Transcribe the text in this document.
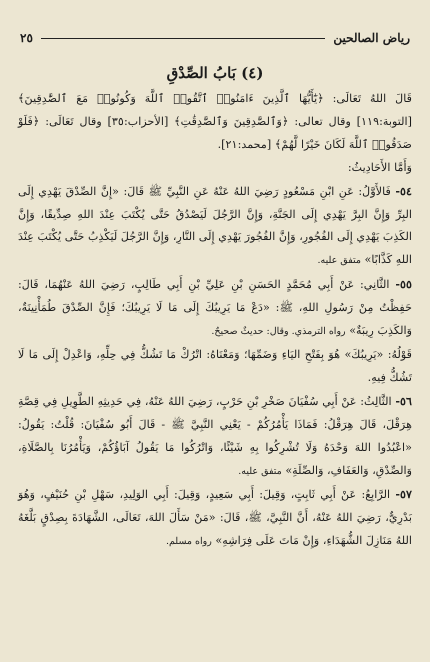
رياض الصالحين
٢٥
(٤) بَابُ الصِّدْقِ

قَالَ اللهُ تَعَالَى: ﴿يَٰٓأَيُّهَا ٱلَّذِينَ ءَامَنُوا۟ ٱتَّقُوا۟ ٱللَّهَ وَكُونُوا۟ مَعَ ٱلصَّٰدِقِينَ﴾ [التوبة:١١٩] وقال تعالى: ﴿وَٱلصَّٰدِقِينَ وَٱلصَّٰدِقَٰتِ﴾ [الأحزاب:٣٥] وقال تَعَالَى: ﴿فَلَوْ صَدَقُوا۟ ٱللَّهَ لَكَانَ خَيْرًا لَّهُمْ﴾ [محمد:٢١].

وَأَمَّا الأَحَادِيثُ:

٥٤- فَالأَوَّلُ: عَنِ ابْنِ مَسْعُودٍ رَضِيَ اللهُ عَنْهُ عَنِ النَّبِيِّ ﷺ قَالَ: «إِنَّ الصِّدْقَ يَهْدِي إِلَى البِرِّ وَإِنَّ البِرَّ يَهْدِي إِلَى الجَنَّةِ، وَإِنَّ الرَّجُلَ لَيَصْدُقُ حَتَّى يُكْتَبَ عِنْدَ اللهِ صِدِّيقًا، وَإِنَّ الكَذِبَ يَهْدِي إِلَى الفُجُورِ، وَإِنَّ الفُجُورَ يَهْدِي إِلَى النَّارِ، وَإِنَّ الرَّجُلَ لَيَكْذِبُ حَتَّى يُكْتَبَ عِنْدَ اللهِ كَذَّابًا» متفق عليه.

٥٥- الثَّانِي: عَنْ أَبِي مُحَمَّدٍ الحَسَنِ بْنِ عَلِيِّ بْنِ أَبِي طَالِبٍ، رَضِيَ اللهُ عَنْهُمَا، قَالَ: حَفِظْتُ مِنْ رَسُولِ اللهِ، ﷺ: «دَعْ مَا يَرِيبُكَ إِلَى مَا لَا يَرِيبُكَ؛ فَإِنَّ الصِّدْقَ طُمَأْنِينَةٌ، وَالكَذِبَ رِيبَةٌ» رواه الترمذي. وقال: حديثٌ صحيحٌ.

قَوْلُهُ: «يَرِيبُكَ» هُوَ بِفَتْحِ اليَاءِ وَضَمِّهَا؛ وَمَعْنَاهُ: اتْرُكْ مَا تَشُكُّ فِي حِلِّهِ، وَاعْدِلْ إِلَى مَا لَا تَشُكُّ فِيهِ.

٥٦- الثَّالِثُ: عَنْ أَبِي سُفْيَانَ صَخْرِ بْنِ حَرْبٍ، رَضِيَ اللهُ عَنْهُ، فِي حَدِيثِهِ الطَّوِيلِ فِي قِصَّةِ هِرَقْلَ، قَالَ هِرَقْلُ: فَمَاذَا يَأْمُرُكُمْ - يَعْنِي النَّبِيَّ ﷺ - قَالَ أَبُو سُفْيَانَ: قُلْتُ: يَقُولُ: «اعْبُدُوا اللهَ وَحْدَهُ وَلَا تُشْرِكُوا بِهِ شَيْئًا، وَاتْرُكُوا مَا يَقُولُ آبَاؤُكُمْ، وَيَأْمُرُنَا بِالصَّلَاةِ، وَالصِّدْقِ، وَالعَفَافِ، وَالصِّلَةِ» متفق عليه.

٥٧- الرَّابِعُ: عَنْ أَبِي ثَابِتٍ، وَقِيلَ: أَبِي سَعِيدٍ، وَقِيلَ: أَبِي الوَلِيدِ، سَهْلِ بْنِ حُنَيْفٍ، وَهُوَ بَدْرِيٌّ، رَضِيَ اللهُ عَنْهُ، أَنَّ النَّبِيَّ، ﷺ، قَالَ: «مَنْ سَأَلَ اللهَ، تَعَالَى، الشَّهَادَةَ بِصِدْقٍ بَلَّغَهُ اللهُ مَنَازِلَ الشُّهَدَاءِ، وَإِنْ مَاتَ عَلَى فِرَاشِهِ» رواه مسلم.
